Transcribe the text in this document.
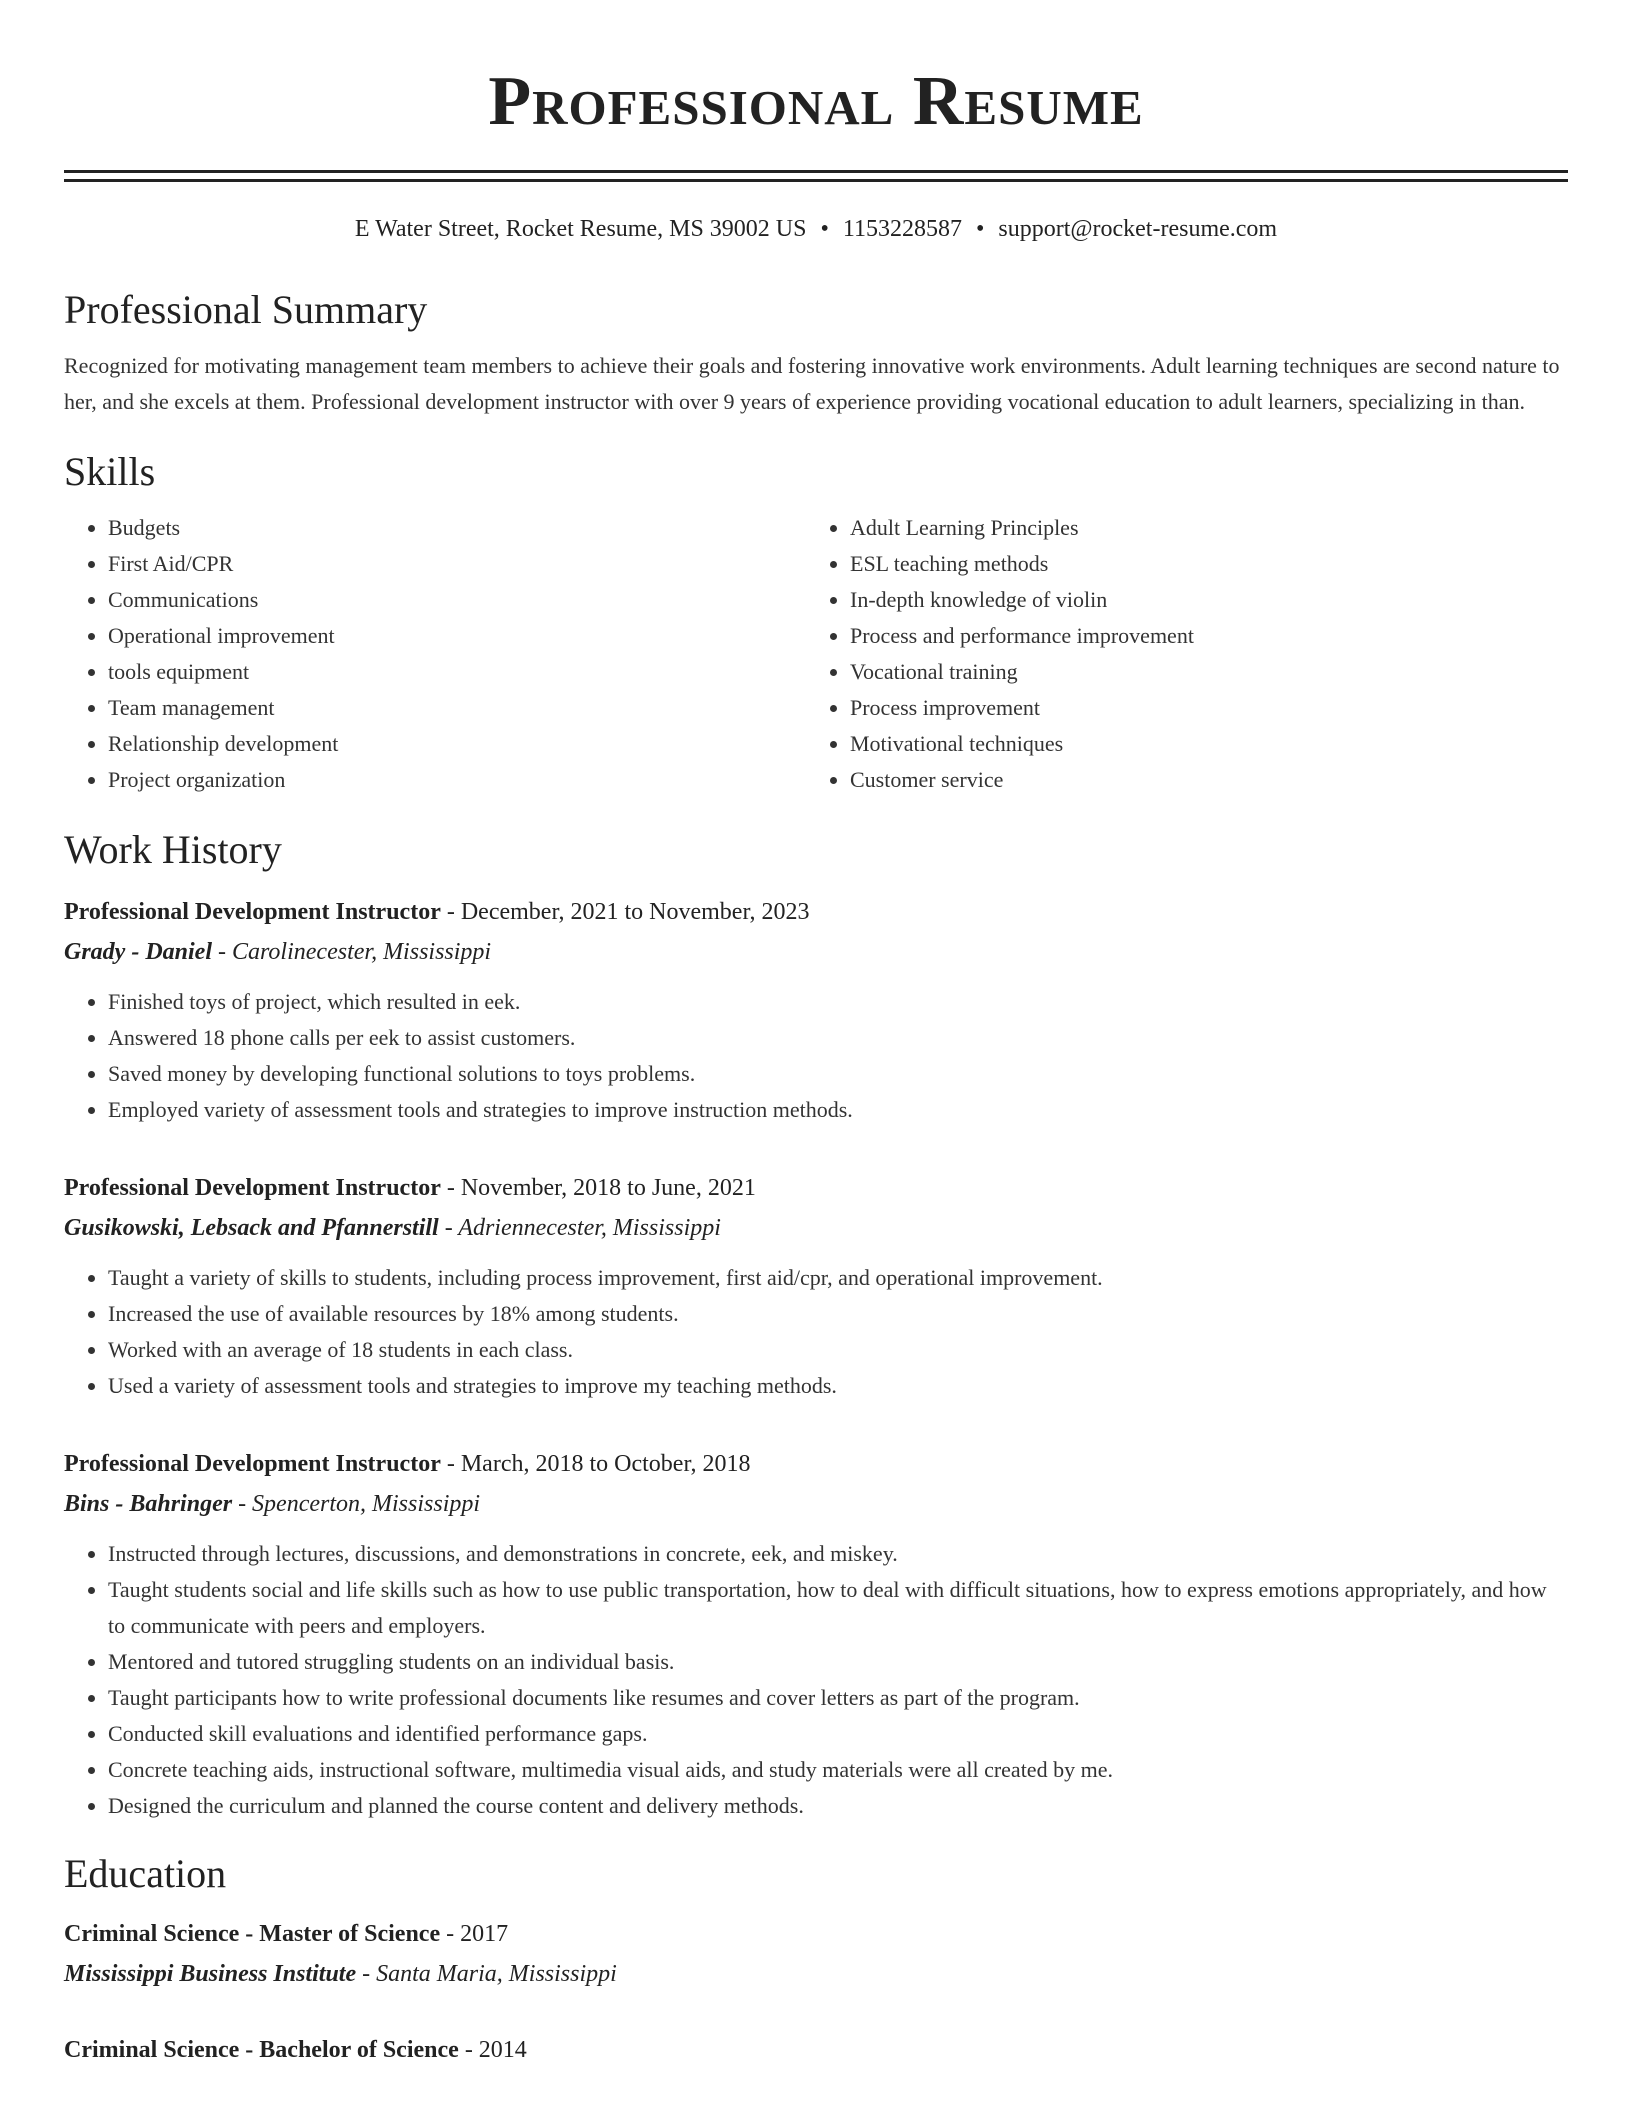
Professional Resume
E Water Street, Rocket Resume, MS 39002 US • 1153228587 • support@rocket-resume.com
Professional Summary
Recognized for motivating management team members to achieve their goals and fostering innovative work environments. Adult learning techniques are second nature to her, and she excels at them. Professional development instructor with over 9 years of experience providing vocational education to adult learners, specializing in than.
Skills
• Budgets
• First Aid/CPR
• Communications
• Operational improvement
• tools equipment
• Team management
• Relationship development
• Project organization
• Adult Learning Principles
• ESL teaching methods
• In-depth knowledge of violin
• Process and performance improvement
• Vocational training
• Process improvement
• Motivational techniques
• Customer service
Work History
Professional Development Instructor - December, 2021 to November, 2023
Grady - Daniel - Carolinecester, Mississippi
• Finished toys of project, which resulted in eek.
• Answered 18 phone calls per eek to assist customers.
• Saved money by developing functional solutions to toys problems.
• Employed variety of assessment tools and strategies to improve instruction methods.
Professional Development Instructor - November, 2018 to June, 2021
Gusikowski, Lebsack and Pfannerstill - Adriennecester, Mississippi
• Taught a variety of skills to students, including process improvement, first aid/cpr, and operational improvement.
• Increased the use of available resources by 18% among students.
• Worked with an average of 18 students in each class.
• Used a variety of assessment tools and strategies to improve my teaching methods.
Professional Development Instructor - March, 2018 to October, 2018
Bins - Bahringer - Spencerton, Mississippi
• Instructed through lectures, discussions, and demonstrations in concrete, eek, and miskey.
• Taught students social and life skills such as how to use public transportation, how to deal with difficult situations, how to express emotions appropriately, and how to communicate with peers and employers.
• Mentored and tutored struggling students on an individual basis.
• Taught participants how to write professional documents like resumes and cover letters as part of the program.
• Conducted skill evaluations and identified performance gaps.
• Concrete teaching aids, instructional software, multimedia visual aids, and study materials were all created by me.
• Designed the curriculum and planned the course content and delivery methods.
Education
Criminal Science - Master of Science - 2017
Mississippi Business Institute - Santa Maria, Mississippi
Criminal Science - Bachelor of Science - 2014
